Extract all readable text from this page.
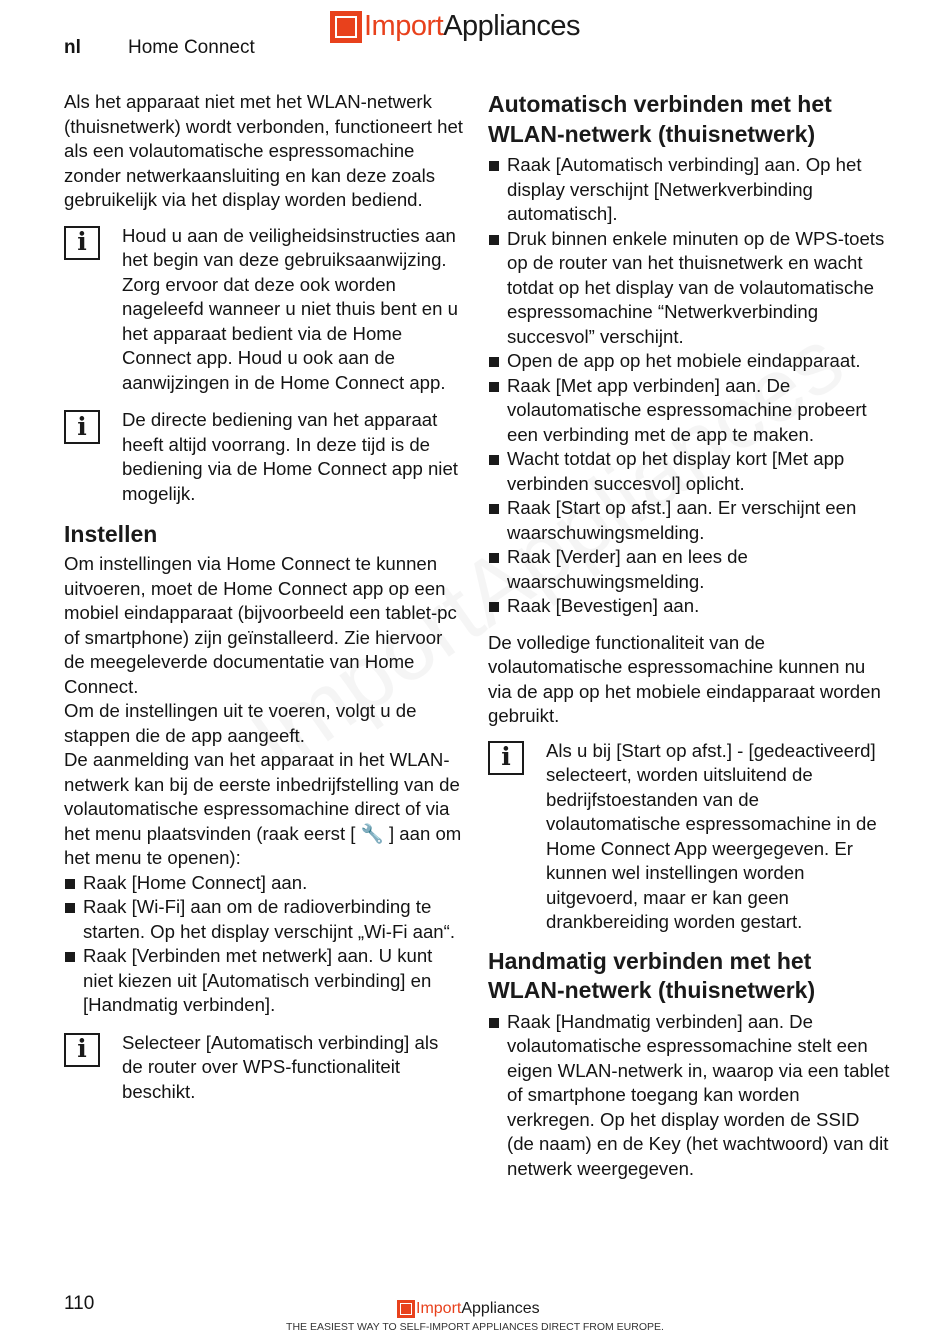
nl Home Connect
Import Appliances

Als het apparaat niet met het WLAN-netwerk (thuisnetwerk) wordt verbonden, functioneert het als een volautomatische espressomachine zonder netwerkaansluiting en kan deze zoals gebruikelijk via het display worden bediend.

i	Houd u aan de veiligheidsinstructies aan het begin van deze gebruiksaanwijzing. Zorg ervoor dat deze ook worden nageleefd wanneer u niet thuis bent en u het apparaat bedient via de Home Connect app. Houd u ook aan de aanwijzingen in de Home Connect app.
i	De directe bediening van het apparaat heeft altijd voorrang. In deze tijd is de bediening via de Home Connect app niet mogelijk.
Instellen

Om instellingen via Home Connect te kunnen uitvoeren, moet de Home Connect app op een mobiel eindapparaat (bijvoorbeeld een tablet-pc of smartphone) zijn geïnstalleerd. Zie hiervoor de meegeleverde documentatie van Home Connect.

Om de instellingen uit te voeren, volgt u de stappen die de app aangeeft.

De aanmelding van het apparaat in het WLAN-netwerk kan bij de eerste inbedrijfstelling van de volautomatische espressomachine direct of via het menu plaatsvinden (raak eerst [ 🔧 ] aan om het menu te openen):

Raak [Home Connect] aan.
Raak [Wi-Fi] aan om de radioverbinding te starten. Op het display verschijnt „Wi-Fi aan“.
Raak [Verbinden met netwerk] aan. U kunt niet kiezen uit [Automatisch verbinding] en [Handmatig verbinden].
i	Selecteer [Automatisch verbinding] als de router over WPS-functionaliteit beschikt.
Automatisch verbinden met het WLAN-netwerk (thuisnetwerk)
Raak [Automatisch verbinding] aan. Op het display verschijnt [Netwerkverbinding automatisch].
Druk binnen enkele minuten op de WPS-toets op de router van het thuisnetwerk en wacht totdat op het display van de volautomatische espressomachine “Netwerkverbinding succesvol” verschijnt.
Open de app op het mobiele eindapparaat.
Raak [Met app verbinden] aan. De volautomatische espressomachine probeert een verbinding met de app te maken.
Wacht totdat op het display kort [Met app verbinden succesvol] oplicht.
Raak [Start op afst.] aan. Er verschijnt een waarschuwingsmelding.
Raak [Verder] aan en lees de waarschuwingsmelding.
Raak [Bevestigen] aan.

De volledige functionaliteit van de volautomatische espressomachine kunnen nu via de app op het mobiele eindapparaat worden gebruikt.

i	Als u bij [Start op afst.] - [gedeactiveerd] selecteert, worden uitsluitend de bedrijfstoestanden van de volautomatische espressomachine in de Home Connect App weergegeven. Er kunnen wel instellingen worden uitgevoerd, maar er kan geen drankbereiding worden gestart.
Handmatig verbinden met het WLAN-netwerk (thuisnetwerk)
Raak [Handmatig verbinden] aan. De volautomatische espressomachine stelt een eigen WLAN-netwerk in, waarop via een tablet of smartphone toegang kan worden verkregen. Op het display worden de SSID (de naam) en de Key (het wachtwoord) van dit netwerk weergegeven.
110	Import Appliances
THE EASIEST WAY TO SELF-IMPORT APPLIANCES DIRECT FROM EUROPE.
